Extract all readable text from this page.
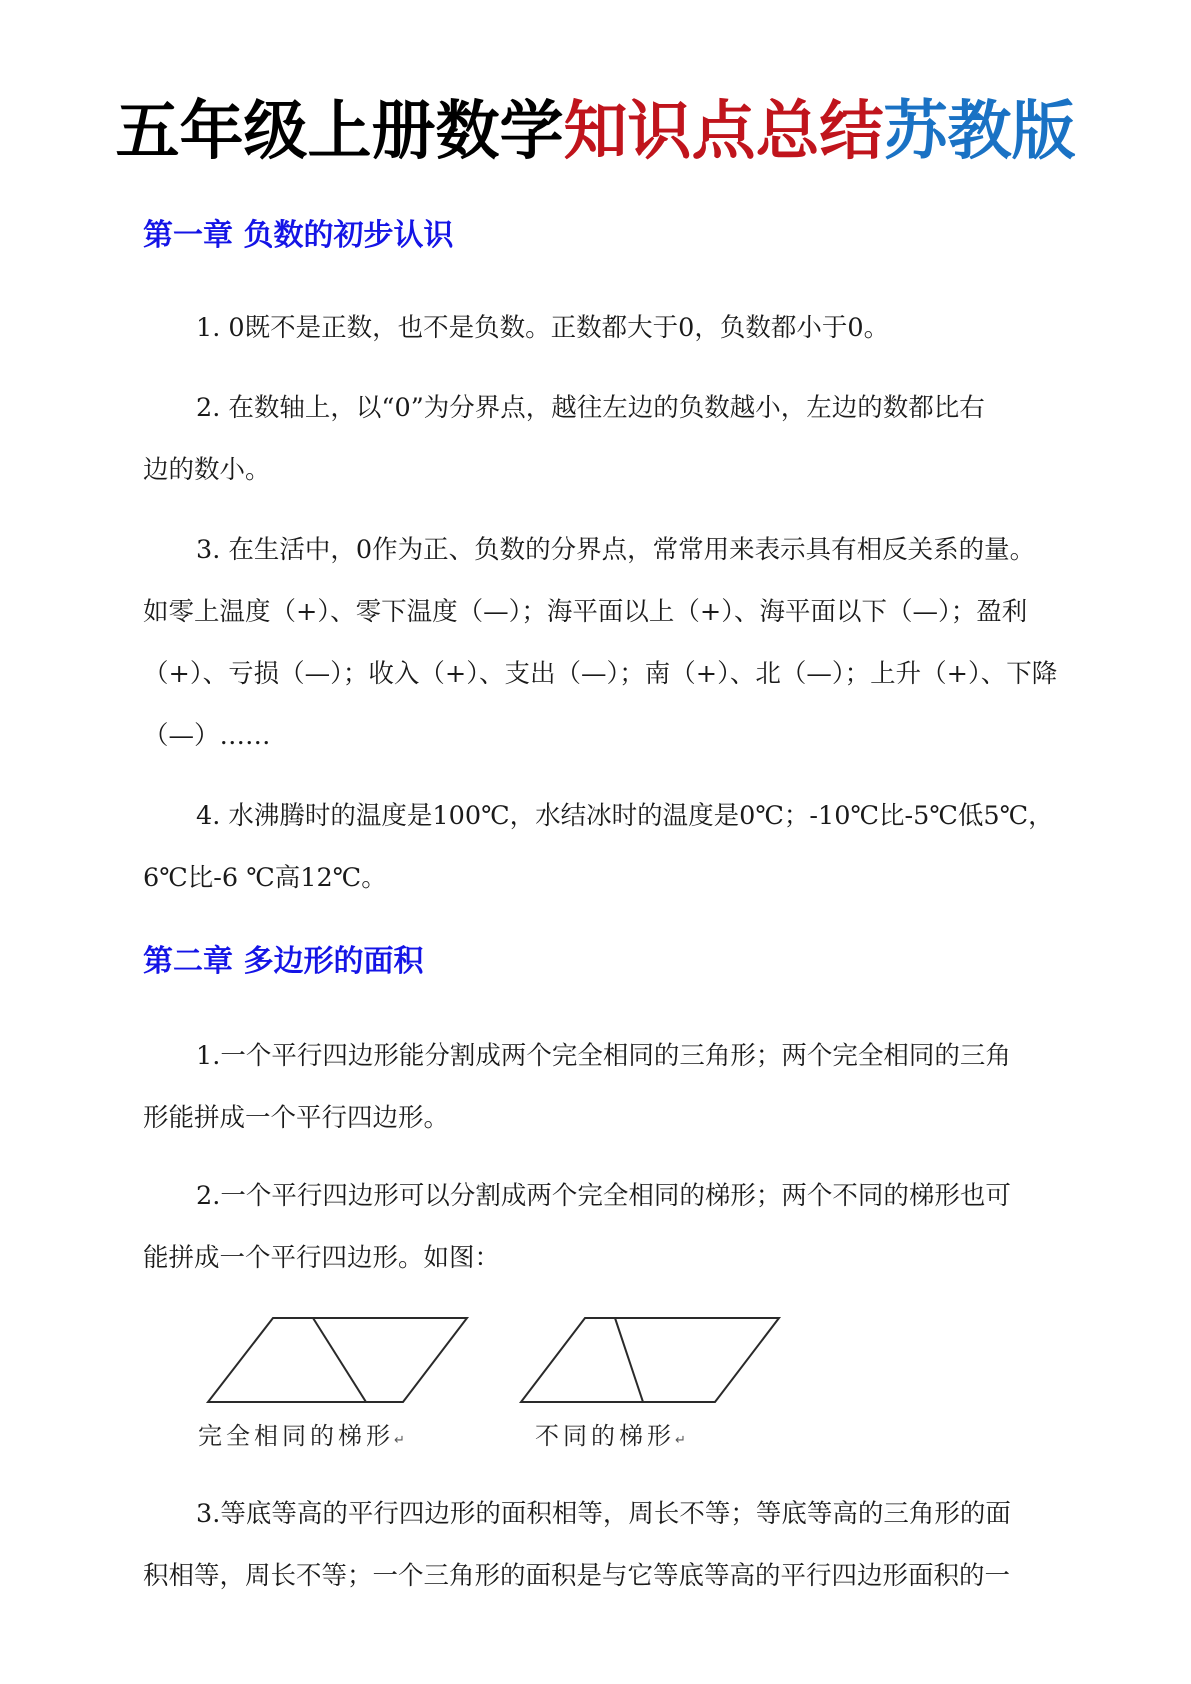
五年级上册数学知识点总结苏教版
第一章 负数的初步认识
1. 0既不是正数，也不是负数。正数都大于0，负数都小于0。
2. 在数轴上，以“0”为分界点，越往左边的负数越小，左边的数都比右
边的数小。
3. 在生活中，0作为正、负数的分界点，常常用来表示具有相反关系的量。
如零上温度（+）、零下温度（—）；海平面以上（+）、海平面以下（—）；盈利
（+）、亏损（—）；收入（+）、支出（—）；南（+）、北（—）；上升（+）、下降
（—）……
4. 水沸腾时的温度是100℃，水结冰时的温度是0℃；-10℃比-5℃低5℃，
6℃比-6 ℃高12℃。
第二章 多边形的面积
1.一个平行四边形能分割成两个完全相同的三角形；两个完全相同的三角
形能拼成一个平行四边形。
2.一个平行四边形可以分割成两个完全相同的梯形；两个不同的梯形也可
能拼成一个平行四边形。如图：
完全相同的梯形↵	不同的梯形↵
3.等底等高的平行四边形的面积相等，周长不等；等底等高的三角形的面
积相等，周长不等；一个三角形的面积是与它等底等高的平行四边形面积的一
